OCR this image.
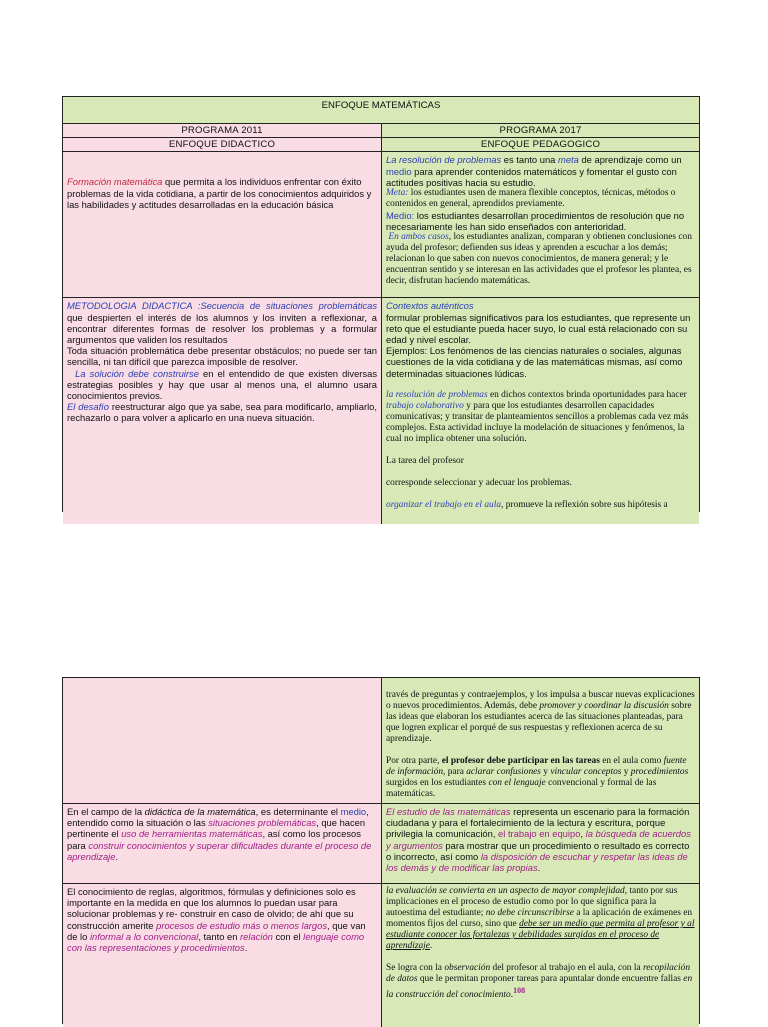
ENFOQUE MATEMÁTICAS
PROGRAMA 2011	PROGRAMA 2017
ENFOQUE DIDACTICO	ENFOQUE PEDAGOGICO
Formación matemática que permita a los individuos enfrentar con éxito problemas de la vida cotidiana, a partir de los conocimientos adquiridos y las habilidades y actitudes desarrolladas en la educación básica

La resolución de problemas es tanto una meta de aprendizaje como un medio para aprender contenidos matemáticos y fomentar el gusto con actitudes positivas hacia su estudio.

Meta: los estudiantes usen de manera flexible conceptos, técnicas, métodos o contenidos en general, aprendidos previamente.

Medio: los estudiantes desarrollan procedimientos de resolución que no necesariamente les han sido enseñados con anterioridad.

En ambos casos, los estudiantes analizan, comparan y obtienen conclusiones con ayuda del profesor; defienden sus ideas y aprenden a escuchar a los demás; relacionan lo que saben con nuevos conocimientos, de manera general; y le encuentran sentido y se interesan en las actividades que el profesor les plantea, es decir, disfrutan haciendo matemáticas.

METODOLOGIA DIDACTICA :Secuencia de situaciones problemáticas que despierten el interés de los alumnos y los inviten a reflexionar, a encontrar diferentes formas de resolver los problemas y a formular argumentos que validen los resultados

Toda situación problemática debe presentar obstáculos; no puede ser tan sencilla, ni tan difícil que parezca imposible de resolver.

La solución debe construirse en el entendido de que existen diversas estrategias posibles y hay que usar al menos una, el alumno usara conocimientos previos.

El desafío reestructurar algo que ya sabe, sea para modificarlo, ampliarlo, rechazarlo o para volver a aplicarlo en una nueva situación.

Contextos auténticos

formular problemas significativos para los estudiantes, que represente un reto que el estudiante pueda hacer suyo, lo cual está relacionado con su edad y nivel escolar.

Ejemplos: Los fenómenos de las ciencias naturales o sociales, algunas cuestiones de la vida cotidiana y de las matemáticas mismas, así como determinadas situaciones lúdicas.

la resolución de problemas en dichos contextos brinda oportunidades para hacer trabajo colaborativo y para que los estudiantes desarrollen capacidades comunicativas; y transitar de planteamientos sencillos a problemas cada vez más complejos. Esta actividad incluye la modelación de situaciones y fenómenos, la cual no implica obtener una solución.

La tarea del profesor

corresponde seleccionar y adecuar los problemas.

organizar el trabajo en el aula, promueve la reflexión sobre sus hipótesis a

través de preguntas y contraejemplos, y los impulsa a buscar nuevas explicaciones o nuevos procedimientos. Además, debe promover y coordinar la discusión sobre las ideas que elaboran los estudiantes acerca de las situaciones planteadas, para que logren explicar el porqué de sus respuestas y reflexionen acerca de su aprendizaje.

Por otra parte, el profesor debe participar en las tareas en el aula como fuente de información, para aclarar confusiones y vincular conceptos y procedimientos surgidos en los estudiantes con el lenguaje convencional y formal de las matemáticas.

En el campo de la didáctica de la matemática, es determinante el medio, entendido como la situación o las situaciones problemáticas, que hacen pertinente el uso de herramientas matemáticas, así como los procesos para construir conocimientos y superar dificultades durante el proceso de aprendizaje.
El estudio de las matemáticas representa un escenario para la formación ciudadana y para el fortalecimiento de la lectura y escritura, porque privilegia la comunicación, el trabajo en equipo, la búsqueda de acuerdos y argumentos para mostrar que un procedimiento o resultado es correcto o incorrecto, así como la disposición de escuchar y respetar las ideas de los demás y de modificar las propias.
El conocimiento de reglas, algoritmos, fórmulas y definiciones solo es importante en la medida en que los alumnos lo puedan usar para solucionar problemas y re- construir en caso de olvido; de ahí que su construcción amerite procesos de estudio más o menos largos, que van de lo informal a lo convencional, tanto en relación con el lenguaje como con las representaciones y procedimientos.

la evaluación se convierta en un aspecto de mayor complejidad, tanto por sus implicaciones en el proceso de estudio como por lo que significa para la autoestima del estudiante; no debe circunscribirse a la aplicación de exámenes en momentos fijos del curso, sino que debe ser un medio que permita al profesor y al estudiante conocer las fortalezas y debilidades surgidas en el proceso de aprendizaje.

Se logra con la observación del profesor al trabajo en el aula, con la recopilación de datos que le permitan proponer tareas para apuntalar donde encuentre fallas en la construcción del conocimiento.$^{108}$
